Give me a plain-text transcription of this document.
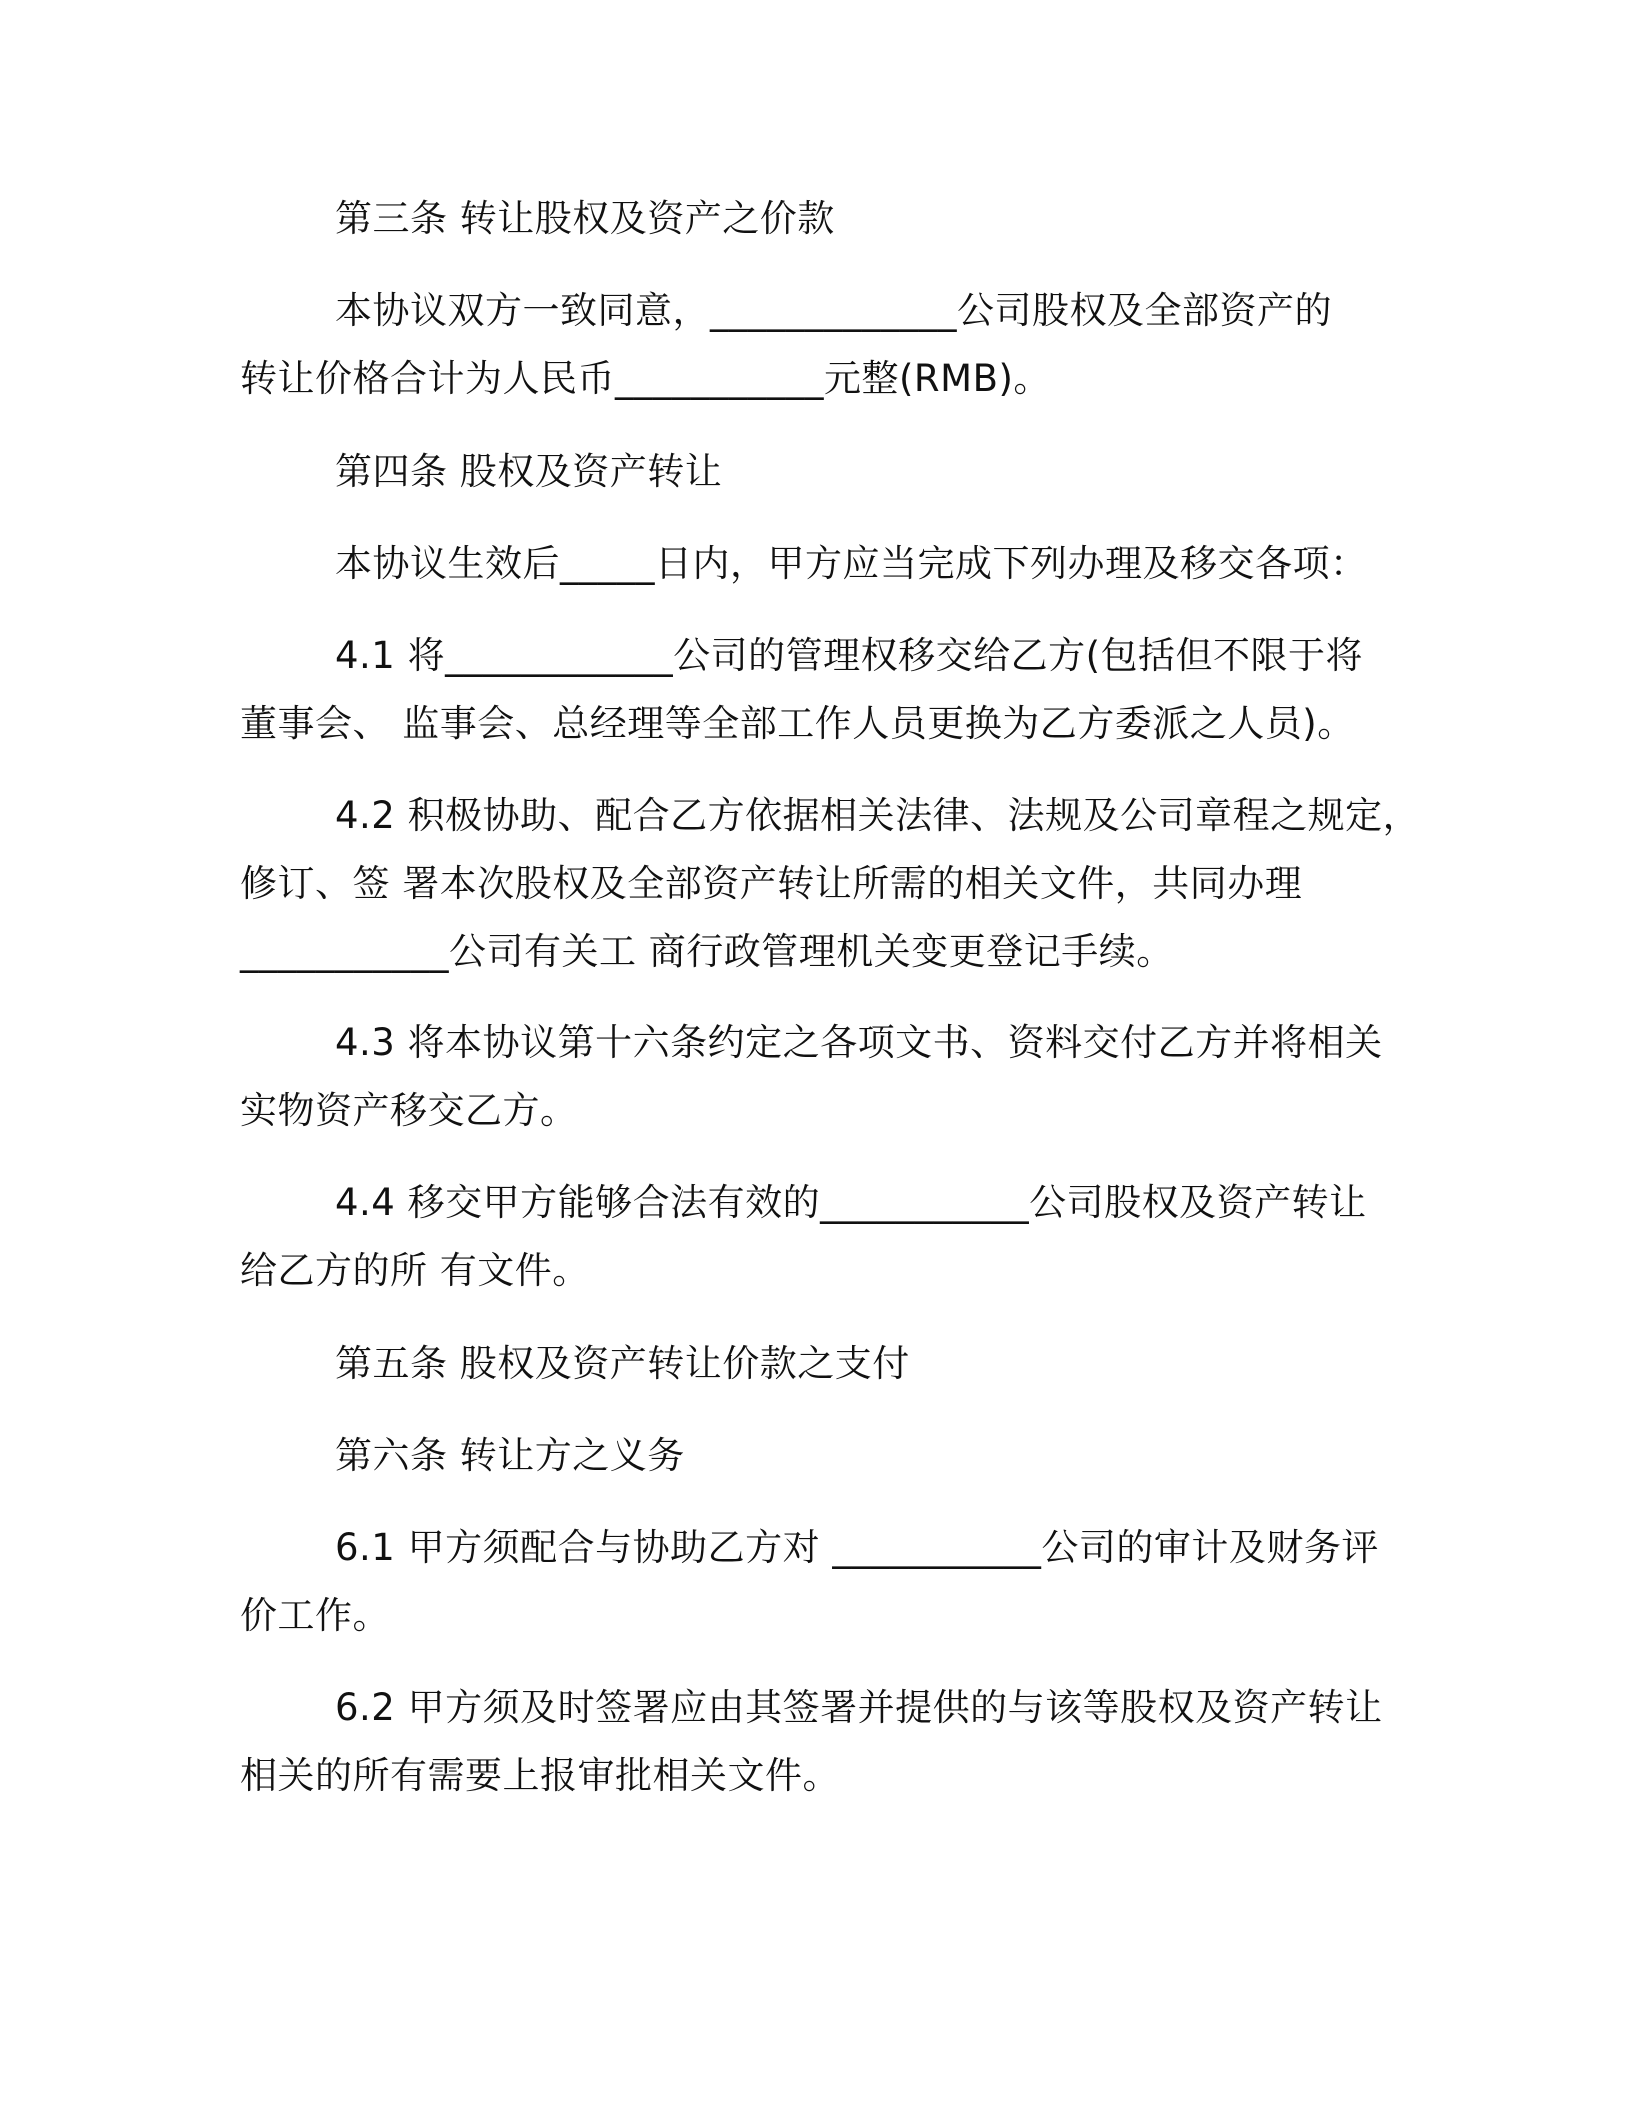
第三条 转让股权及资产之价款
本协议双方一致同意，_____________公司股权及全部资产的
转让价格合计为人民币___________元整(RMB)。
第四条 股权及资产转让
本协议生效后_____日内，甲方应当完成下列办理及移交各项：
4.1 将____________公司的管理权移交给乙方(包括但不限于将
董事会、 监事会、总经理等全部工作人员更换为乙方委派之人员)。
4.2 积极协助、配合乙方依据相关法律、法规及公司章程之规定，
修订、签 署本次股权及全部资产转让所需的相关文件，共同办理
___________公司有关工 商行政管理机关变更登记手续。
4.3 将本协议第十六条约定之各项文书、资料交付乙方并将相关
实物资产移交乙方。
4.4 移交甲方能够合法有效的___________公司股权及资产转让
给乙方的所 有文件。
第五条 股权及资产转让价款之支付
第六条 转让方之义务
6.1 甲方须配合与协助乙方对 ___________公司的审计及财务评
价工作。
6.2 甲方须及时签署应由其签署并提供的与该等股权及资产转让
相关的所有需要上报审批相关文件。
